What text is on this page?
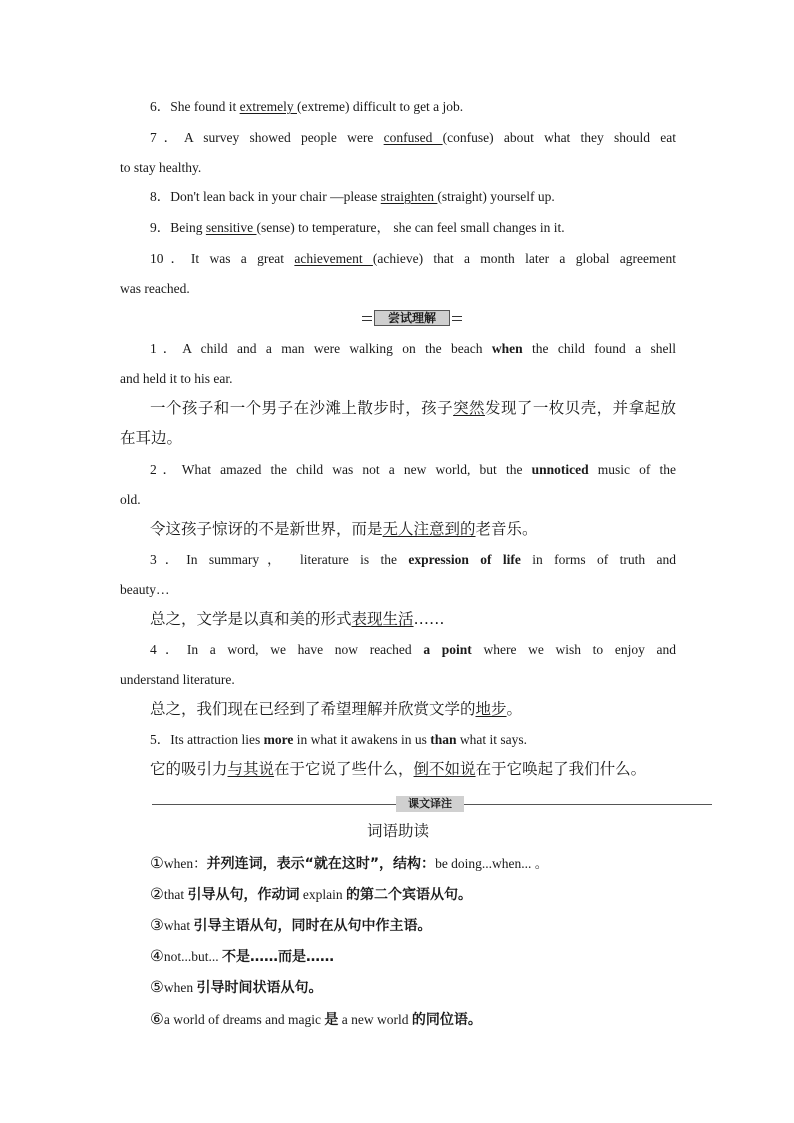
6．She found it extremely (extreme) difficult to get a job.
7．A survey showed people were confused (confuse) about what they should eat
to stay healthy.
8．Don't lean back in your chair —please straighten (straight) yourself up.
9．Being sensitive (sense) to temperature， she can feel small changes in it.
10．It was a great achievement (achieve) that a month later a global agreement
was reached.
尝试理解
1．A child and a man were walking on the beach when the child found a shell
and held it to his ear.
一个孩子和一个男子在沙滩上散步时，孩子突然发现了一枚贝壳，并拿起放
在耳边。
2．What amazed the child was not a new world, but the unnoticed music of the
old.
令这孩子惊讶的不是新世界，而是无人注意到的老音乐。
3．In summary， literature is the expression of life in forms of truth and
beauty…
总之，文学是以真和美的形式表现生活……
4．In a word, we have now reached a point where we wish to enjoy and
understand literature.
总之，我们现在已经到了希望理解并欣赏文学的地步。
5．Its attraction lies more in what it awakens in us than what it says.
它的吸引力与其说在于它说了些什么，倒不如说在于它唤起了我们什么。
课文译注
词语助读
①when：并列连词，表示“就在这时”，结构：be doing...when... 。
②that 引导从句，作动词 explain 的第二个宾语从句。
③what 引导主语从句，同时在从句中作主语。
④not...but... 不是……而是……
⑤when 引导时间状语从句。
⑥a world of dreams and magic 是 a new world 的同位语。
